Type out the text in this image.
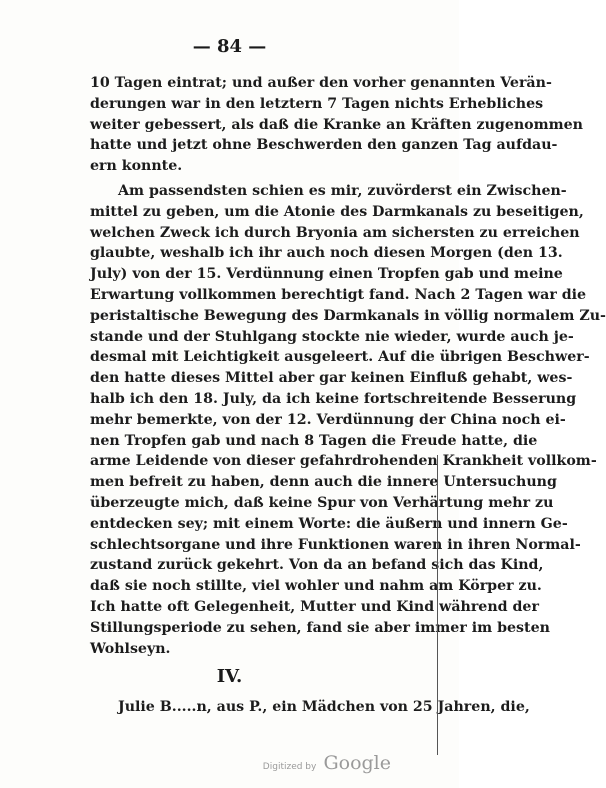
— 84 —
10 Tagen eintrat; und außer den vorher genannten Verän-
derungen war in den letztern 7 Tagen nichts Erhebliches
weiter gebessert, als daß die Kranke an Kräften zugenommen
hatte und jetzt ohne Beschwerden den ganzen Tag aufdau-
ern konnte.
Am passendsten schien es mir, zuvörderst ein Zwischen-
mittel zu geben, um die Atonie des Darmkanals zu beseitigen,
welchen Zweck ich durch Bryonia am sichersten zu erreichen
glaubte, weshalb ich ihr auch noch diesen Morgen (den 13.
July) von der 15. Verdünnung einen Tropfen gab und meine
Erwartung vollkommen berechtigt fand. Nach 2 Tagen war die
peristaltische Bewegung des Darmkanals in völlig normalem Zu-
stande und der Stuhlgang stockte nie wieder, wurde auch je-
desmal mit Leichtigkeit ausgeleert. Auf die übrigen Beschwer-
den hatte dieses Mittel aber gar keinen Einfluß gehabt, wes-
halb ich den 18. July, da ich keine fortschreitende Besserung
mehr bemerkte, von der 12. Verdünnung der China noch ei-
nen Tropfen gab und nach 8 Tagen die Freude hatte, die
arme Leidende von dieser gefahrdrohenden Krankheit vollkom-
men befreit zu haben, denn auch die innere Untersuchung
überzeugte mich, daß keine Spur von Verhärtung mehr zu
entdecken sey; mit einem Worte: die äußern und innern Ge-
schlechtsorgane und ihre Funktionen waren in ihren Normal-
zustand zurück gekehrt. Von da an befand sich das Kind,
daß sie noch stillte, viel wohler und nahm am Körper zu.
Ich hatte oft Gelegenheit, Mutter und Kind während der
Stillungsperiode zu sehen, fand sie aber immer im besten
Wohlseyn.
IV.
Julie B.....n, aus P., ein Mädchen von 25 Jahren, die,
Digitized by Google
